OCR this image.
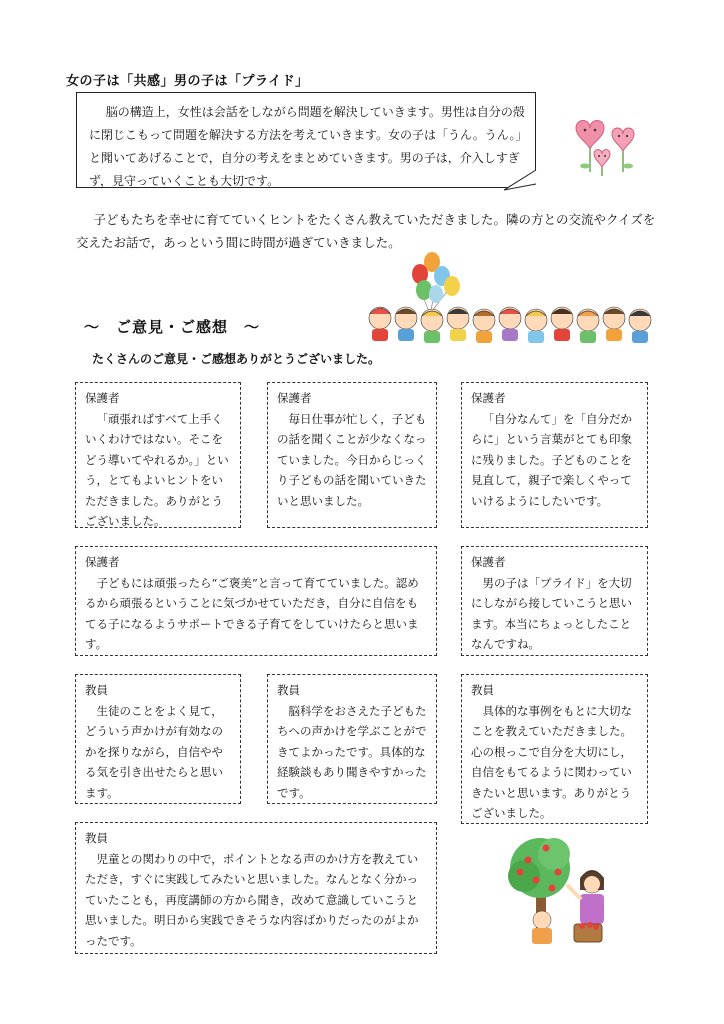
女の子は「共感」男の子は「プライド」
脳の構造上，女性は会話をしながら問題を解決していきます。男性は自分の殻に閉じこもって問題を解決する方法を考えていきます。女の子は「うん。うん。」と聞いてあげることで，自分の考えをまとめていきます。男の子は，介入しすぎず，見守っていくことも大切です。
子どもたちを幸せに育てていくヒントをたくさん教えていただきました。隣の方との交流やクイズを交えたお話で，あっという間に時間が過ぎていきました。
～　ご意見・ご感想　～
たくさんのご意見・ご感想ありがとうございました。
保護者
「頑張ればすべて上手くいくわけではない。そこをどう導いてやれるか。」という，とてもよいヒントをいただきました。ありがとうございました。
保護者
毎日仕事が忙しく，子どもの話を聞くことが少なくなっていました。今日からじっくり子どもの話を聞いていきたいと思いました。
保護者
「自分なんて」を「自分だからに」という言葉がとても印象に残りました。子どものことを見直して，親子で楽しくやっていけるようにしたいです。
保護者
子どもには頑張ったら“ご褒美”と言って育てていました。認めるから頑張るということに気づかせていただき，自分に自信をもてる子になるようサポートできる子育てをしていけたらと思います。
保護者
男の子は「プライド」を大切にしながら接していこうと思います。本当にちょっとしたことなんですね。
教員
生徒のことをよく見て，どういう声かけが有効なのかを探りながら，自信ややる気を引き出せたらと思います。
教員
脳科学をおさえた子どもたちへの声かけを学ぶことができてよかったです。具体的な経験談もあり聞きやすかったです。
教員
具体的な事例をもとに大切なことを教えていただきました。心の根っこで自分を大切にし，自信をもてるように関わっていきたいと思います。ありがとうございました。
教員
児童との関わりの中で，ポイントとなる声のかけ方を教えていただき，すぐに実践してみたいと思いました。なんとなく分かっていたことも，再度講師の方から聞き，改めて意識していこうと思いました。明日から実践できそうな内容ばかりだったのがよかったです。
